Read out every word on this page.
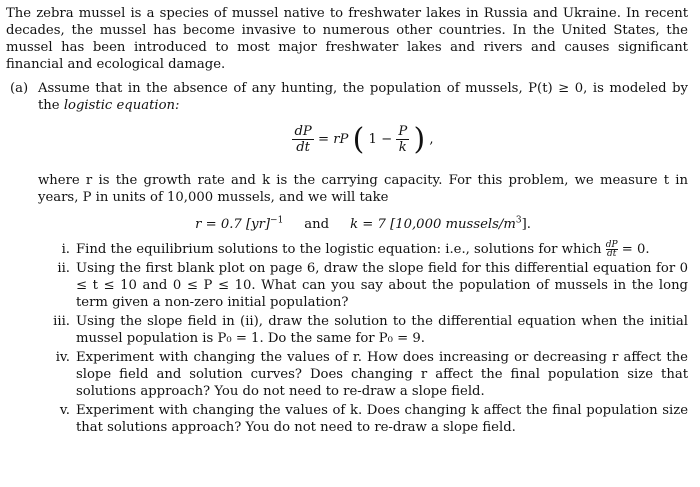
The zebra mussel is a species of mussel native to freshwater lakes in Russia and Ukraine. In recent decades, the mussel has become invasive to numerous other countries. In the United States, the mussel has been introduced to most major freshwater lakes and rivers and causes significant financial and ecological damage.

(a) Assume that in the absence of any hunting, the population of mussels, P(t) ≥ 0, is modeled by the logistic equation:
$\frac{dP}{dt}$ = rP ( $1 - \frac{P}{k}$ ) ,

where r is the growth rate and k is the carrying capacity. For this problem, we measure t in years, P in units of 10,000 mussels, and we will take

r = 0.7 [yr]$^{-1}$ and k = 7 [10,000 mussels/$m^3$].
i. Find the equilibrium solutions to the logistic equation: i.e., solutions for which $\frac{dP}{dt} = 0$.
ii. Using the first blank plot on page 6, draw the slope field for this differential equation for 0 ≤ t ≤ 10 and 0 ≤ P ≤ 10. What can you say about the population of mussels in the long term given a non-zero initial population?
iii. Using the slope field in (ii), draw the solution to the differential equation when the initial mussel population is P₀ = 1. Do the same for P₀ = 9.
iv. Experiment with changing the values of r. How does increasing or decreasing r affect the slope field and solution curves? Does changing r affect the final population size that solutions approach? You do not need to re-draw a slope field.
v. Experiment with changing the values of k. Does changing k affect the final population size that solutions approach? You do not need to re-draw a slope field.
